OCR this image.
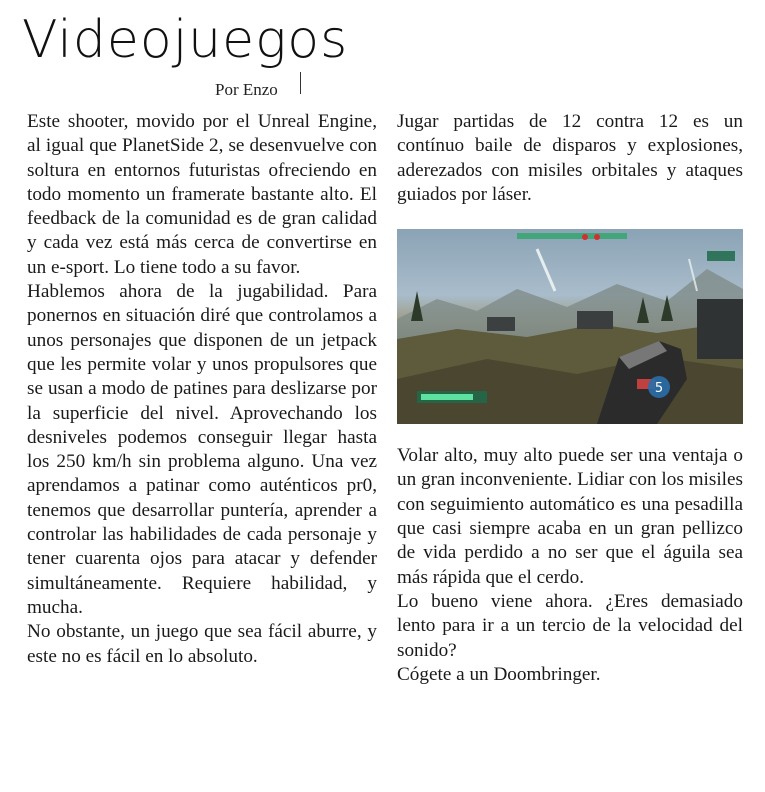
Videojuegos
Por Enzo

Este shooter, movido por el Unreal Engine, al igual que PlanetSide 2, se desenvuelve con soltura en entornos futuristas ofreciendo en todo momento un framerate bastante alto. El feedback de la comunidad es de gran calidad y cada vez está más cerca de convertirse en un e-sport. Lo tiene todo a su favor.

Hablemos ahora de la jugabilidad. Para ponernos en situación diré que controlamos a unos personajes que disponen de un jetpack que les permite volar y unos propulsores que se usan a modo de patines para deslizarse por la superficie del nivel. Aprovechando los desniveles podemos conseguir llegar hasta los 250 km/h sin problema alguno. Una vez aprendamos a patinar como auténticos pr0, tenemos que desarrollar puntería, aprender a controlar las habilidades de cada personaje y tener cuarenta ojos para atacar y defender simultáneamente. Requiere habilidad, y mucha.

No obstante, un juego que sea fácil aburre, y este no es fácil en lo absoluto.

Jugar partidas de 12 contra 12 es un contínuo baile de disparos y explosiones, aderezados con misiles orbitales y ataques guiados por láser.

5

Volar alto, muy alto puede ser una ventaja o un gran inconveniente. Lidiar con los misiles con seguimiento automático es una pesadilla que casi siempre acaba en un gran pellizco de vida perdido a no ser que el águila sea más rápida que el cerdo.

Lo bueno viene ahora. ¿Eres demasiado lento para ir a un tercio de la velocidad del sonido?

Cógete a un Doombringer.
